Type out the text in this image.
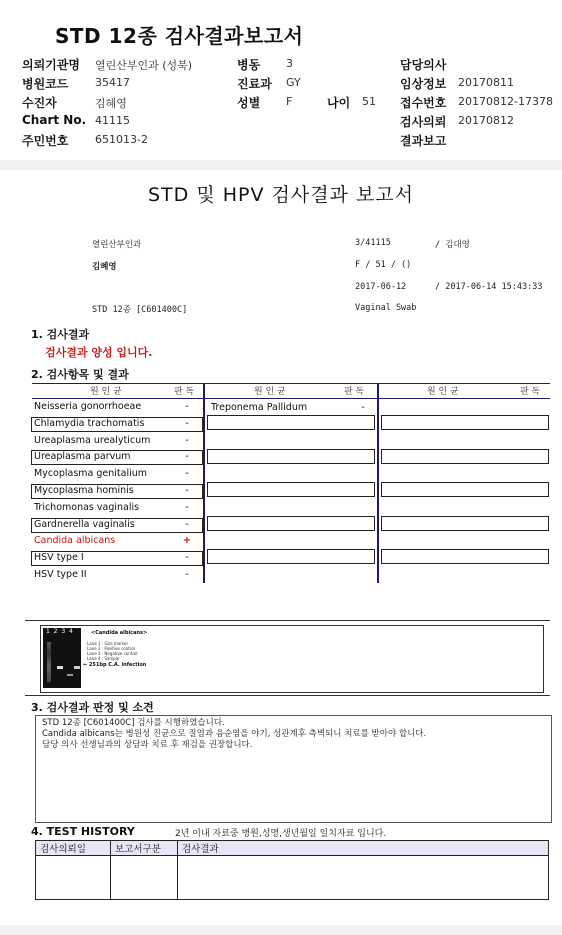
STD 12종 검사결과보고서
의뢰기관명 열린산부인과 (성북)	병동 3	담당의사
병원코드 35417	진료과 GY	임상정보 20170811
수진자	김혜영	성별 F	나이 51 접수번호 20170812-17378
Chart No. 41115	검사의뢰 20170812
주민번호 651013-2	결과보고
STD 및 HPV 검사결과 보고서
열린산부인과	3/41115	/ 김대영
김혜영	F / 51 / ()
2017-06-12	/ 2017-06-14 15:43:33
STD 12종 [C601400C]	Vaginal Swab
1. 검사결과
검사결과 양성 입니다.
2. 검사항목 및 결과
원 인 균	판 독	원 인 균	판 독	원 인 균	판 독
Neisseria gonorrhoeae	-
Chlamydia trachomatis	-
Ureaplasma urealyticum	-
Ureaplasma parvum	-
Mycoplasma genitalium	-
Mycoplasma hominis	-
Trichomonas vaginalis	-
Gardnerella vaginalis	-
Candida albicans	+
HSV type I	-
HSV type II	-
Treponema Pallidum	-
1 2 3 4	<Candida albicans>
Lane 1 : Size marker
Lane 2 : Positive control
Lane 3 : Negative control
Lane 4 : Sample
← 251bp C.A. infection
3. 검사결과 판정 및 소견
STD 12종 [C601400C] 검사를 시행하였습니다.
Candida albicans는 병원성 진균으로 질염과 음순염을 야기, 성관계후 측벽되니 치료를 받아야 합니다.
담당 의사 선생님과의 상담과 치료 후 재검을 권장합니다.
4. TEST HISTORY	2년 이내 자료중 병원,성명,생년월일 일치자료 입니다.
검사의뢰일	보고서구분	검사결과
